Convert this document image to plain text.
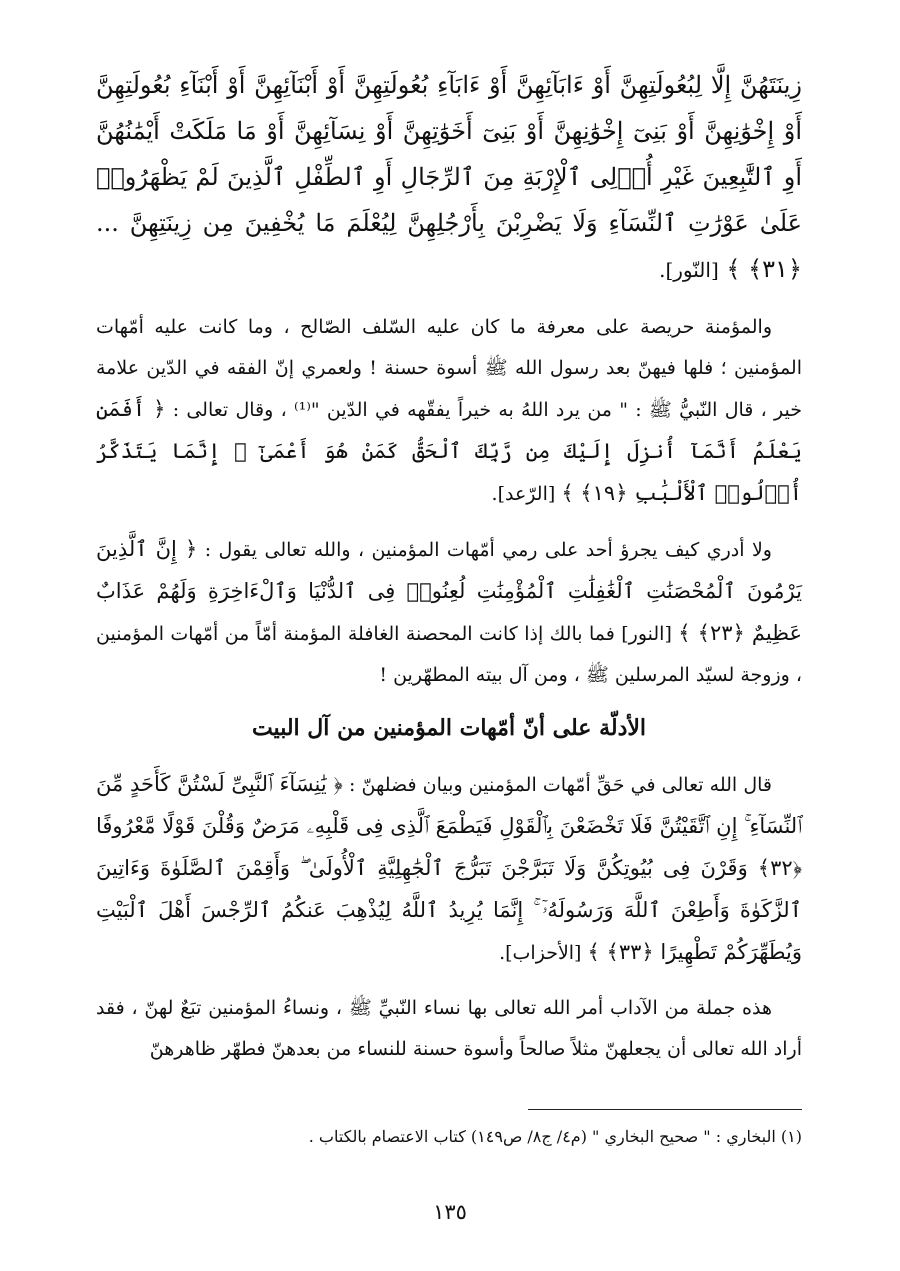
زِينَتَهُنَّ إِلَّا لِبُعُولَتِهِنَّ أَوْ ءَابَآئِهِنَّ أَوْ ءَابَآءِ بُعُولَتِهِنَّ أَوْ أَبْنَآئِهِنَّ أَوْ أَبْنَآءِ بُعُولَتِهِنَّ أَوْ إِخْوَٰنِهِنَّ أَوْ بَنِىٓ إِخْوَٰنِهِنَّ أَوْ بَنِىٓ أَخَوَٰتِهِنَّ أَوْ نِسَآئِهِنَّ أَوْ مَا مَلَكَتْ أَيْمَٰنُهُنَّ أَوِ ٱلتَّٰبِعِينَ غَيْرِ أُو۟لِى ٱلْإِرْبَةِ مِنَ ٱلرِّجَالِ أَوِ ٱلطِّفْلِ ٱلَّذِينَ لَمْ يَظْهَرُوا۟ عَلَىٰ عَوْرَٰتِ ٱلنِّسَآءِ وَلَا يَضْرِبْنَ بِأَرْجُلِهِنَّ لِيُعْلَمَ مَا يُخْفِينَ مِن زِينَتِهِنَّ ... ﴿٣١﴾ ﴾ [النّور].

والمؤمنة حريصة على معرفة ما كان عليه السّلف الصّالح ، وما كانت عليه أمّهات المؤمنين ؛ فلها فيهنّ بعد رسول الله ﷺ أسوة حسنة ! ولعمري إنّ الفقه في الدّين علامة خير ، قال النّبيُّ ﷺ : " من يرد اللهُ به خيراً يفقّهه في الدّين "⁽¹⁾ ، وقال تعالى : ﴿ أَفَمَن يَعْلَمُ أَنَّمَآ أُنزِلَ إِلَيْكَ مِن رَّبِّكَ ٱلْحَقُّ كَمَنْ هُوَ أَعْمَىٰٓ ۚ إِنَّمَا يَتَذَكَّرُ أُو۟لُوا۟ ٱلْأَلْبَٰبِ ﴿١٩﴾ ﴾ [الرّعد].

ولا أدري كيف يجرؤ أحد على رمي أمّهات المؤمنين ، والله تعالى يقول : ﴿ إِنَّ ٱلَّذِينَ يَرْمُونَ ٱلْمُحْصَنَٰتِ ٱلْغَٰفِلَٰتِ ٱلْمُؤْمِنَٰتِ لُعِنُوا۟ فِى ٱلدُّنْيَا وَٱلْءَاخِرَةِ وَلَهُمْ عَذَابٌ عَظِيمٌ ﴿٢٣﴾ ﴾ [النور] فما بالك إذا كانت المحصنة الغافلة المؤمنة أمّاً من أمّهات المؤمنين ، وزوجة لسيّد المرسلين ﷺ ، ومن آل بيته المطهّرين !

الأدلّة على أنّ أمّهات المؤمنين من آل البيت

قال الله تعالى في حَقِّ أمّهات المؤمنين وبيان فضلهنّ : ﴿ يَٰنِسَآءَ ٱلنَّبِىِّ لَسْتُنَّ كَأَحَدٍ مِّنَ ٱلنِّسَآءِ ۚ إِنِ ٱتَّقَيْتُنَّ فَلَا تَخْضَعْنَ بِٱلْقَوْلِ فَيَطْمَعَ ٱلَّذِى فِى قَلْبِهِۦ مَرَضٌ وَقُلْنَ قَوْلًا مَّعْرُوفًا ﴿٣٢﴾ وَقَرْنَ فِى بُيُوتِكُنَّ وَلَا تَبَرَّجْنَ تَبَرُّجَ ٱلْجَٰهِلِيَّةِ ٱلْأُولَىٰ ۖ وَأَقِمْنَ ٱلصَّلَوٰةَ وَءَاتِينَ ٱلزَّكَوٰةَ وَأَطِعْنَ ٱللَّهَ وَرَسُولَهُۥٓ ۚ إِنَّمَا يُرِيدُ ٱللَّهُ لِيُذْهِبَ عَنكُمُ ٱلرِّجْسَ أَهْلَ ٱلْبَيْتِ وَيُطَهِّرَكُمْ تَطْهِيرًا ﴿٣٣﴾ ﴾ [الأحزاب].

هذه جملة من الآداب أمر الله تعالى بها نساء النّبيِّ ﷺ ، ونساءُ المؤمنين تبَعٌ لهنّ ، فقد أراد الله تعالى أن يجعلهنّ مثلاً صالحاً وأسوة حسنة للنساء من بعدهنّ فطهّر ظاهرهنّ

(١) البخاري : " صحيح البخاري " (م٤/ ج٨/ ص١٤٩) كتاب الاعتصام بالكتاب .
١٣٥
